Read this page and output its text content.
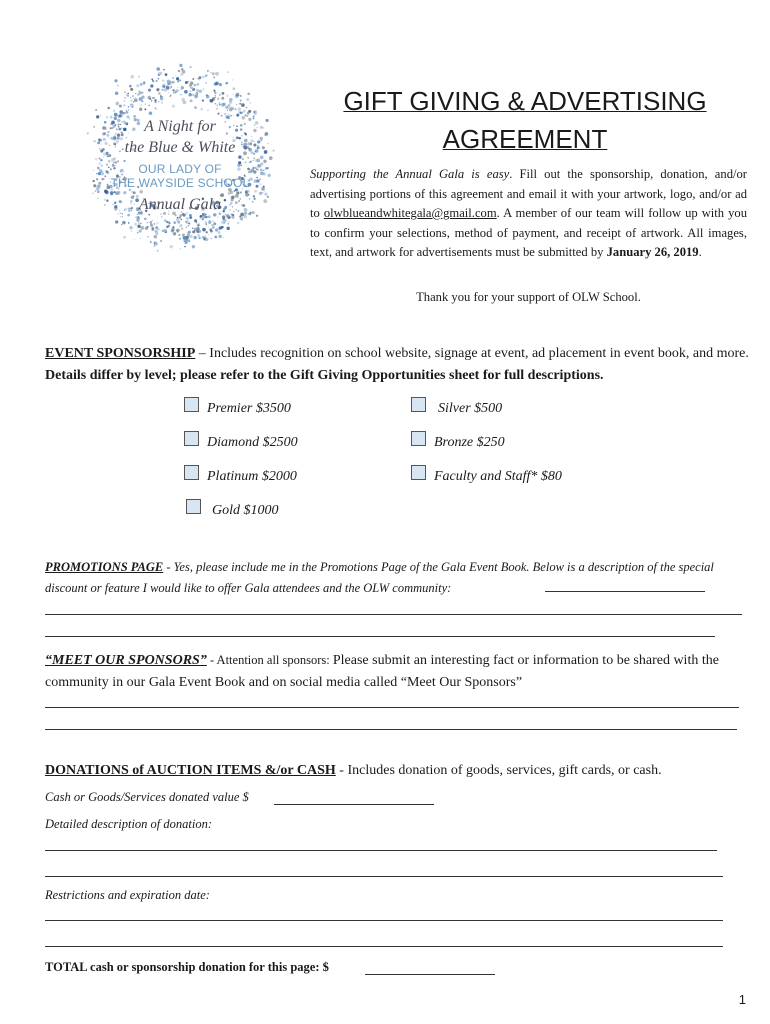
A Night for
the Blue & White
OUR LADY OF
THE WAYSIDE SCHOOL
Annual Gala
GIFT GIVING & ADVERTISING
AGREEMENT
Supporting the Annual Gala is easy. Fill out the sponsorship, donation, and/or advertising portions of this agreement and email it with your artwork, logo, and/or ad to olwblueandwhitegala@gmail.com. A member of our team will follow up with you to confirm your selections, method of payment, and receipt of artwork. All images, text, and artwork for advertisements must be submitted by January 26, 2019.
Thank you for your support of OLW School.
EVENT SPONSORSHIP – Includes recognition on school website, signage at event, ad placement in event book, and more. Details differ by level; please refer to the Gift Giving Opportunities sheet for full descriptions.
Premier $3500
Diamond $2500
Platinum $2000
Gold $1000
Silver $500
Bronze $250
Faculty and Staff* $80
PROMOTIONS PAGE - Yes, please include me in the Promotions Page of the Gala Event Book. Below is a description of the special discount or feature I would like to offer Gala attendees and the OLW community:
“MEET OUR SPONSORS” - Attention all sponsors: Please submit an interesting fact or information to be shared with the community in our Gala Event Book and on social media called “Meet Our Sponsors”
DONATIONS of AUCTION ITEMS &/or CASH - Includes donation of goods, services, gift cards, or cash.
Cash or Goods/Services donated value $
Detailed description of donation:
Restrictions and expiration date:
TOTAL cash or sponsorship donation for this page: $
1
